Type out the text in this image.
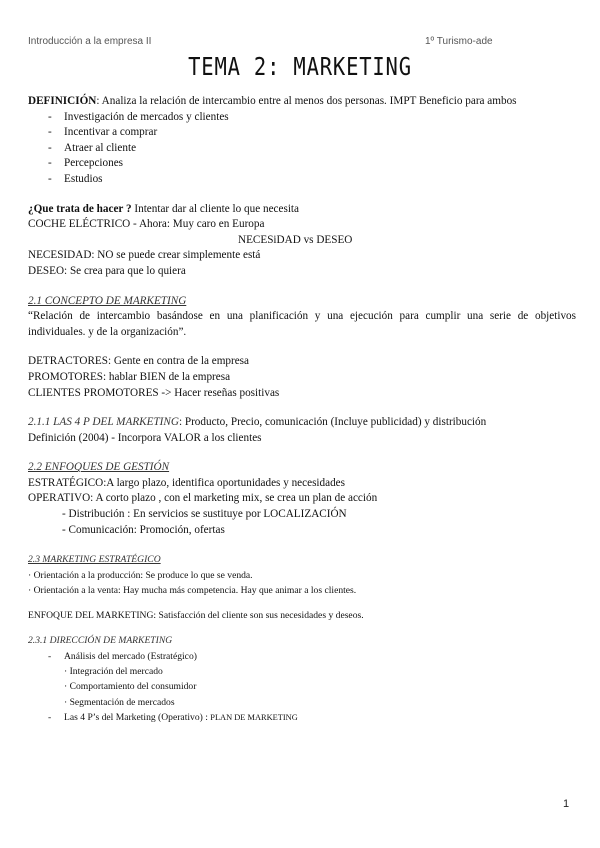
Introducción a la empresa II	1º Turismo-ade
TEMA 2: MARKETING

DEFINICIÓN: Analiza la relación de intercambio entre al menos dos personas. IMPT Beneficio para ambos

- Investigación de mercados y clientes
- Incentivar a comprar
- Atraer al cliente
- Percepciones
- Estudios

¿Que trata de hacer ? Intentar dar al cliente lo que necesita

COCHE ELÉCTRICO - Ahora: Muy caro en Europa

NECESiDAD vs DESEO

NECESIDAD: NO se puede crear simplemente está

DESEO: Se crea para que lo quiera

2.1 CONCEPTO DE MARKETING

“Relación de intercambio basándose en una planificación y una ejecución para cumplir una serie de objetivos individuales. y de la organización”.

DETRACTORES: Gente en contra de la empresa

PROMOTORES: hablar BIEN de la empresa

CLIENTES PROMOTORES -> Hacer reseñas positivas

2.1.1 LAS 4 P DEL MARKETING: Producto, Precio, comunicación (Incluye publicidad) y distribución

Definición (2004) - Incorpora VALOR a los clientes

2.2 ENFOQUES DE GESTIÓN

ESTRATÉGICO:A largo plazo, identifica oportunidades y necesidades

OPERATIVO: A corto plazo , con el marketing mix, se crea un plan de acción

- Distribución : En servicios se sustituye por LOCALIZACIÓN

- Comunicación: Promoción, ofertas

2.3 MARKETING ESTRATÉGICO

· Orientación a la producción: Se produce lo que se venda.

· Orientación a la venta: Hay mucha más competencia. Hay que animar a los clientes.

ENFOQUE DEL MARKETING: Satisfacción del cliente son sus necesidades y deseos.

2.3.1 DIRECCIÓN DE MARKETING

- Análisis del mercado (Estratégico)

· Integración del mercado

· Comportamiento del consumidor

· Segmentación de mercados

- Las 4 P’s del Marketing (Operativo) : PLAN DE MARKETING
1
